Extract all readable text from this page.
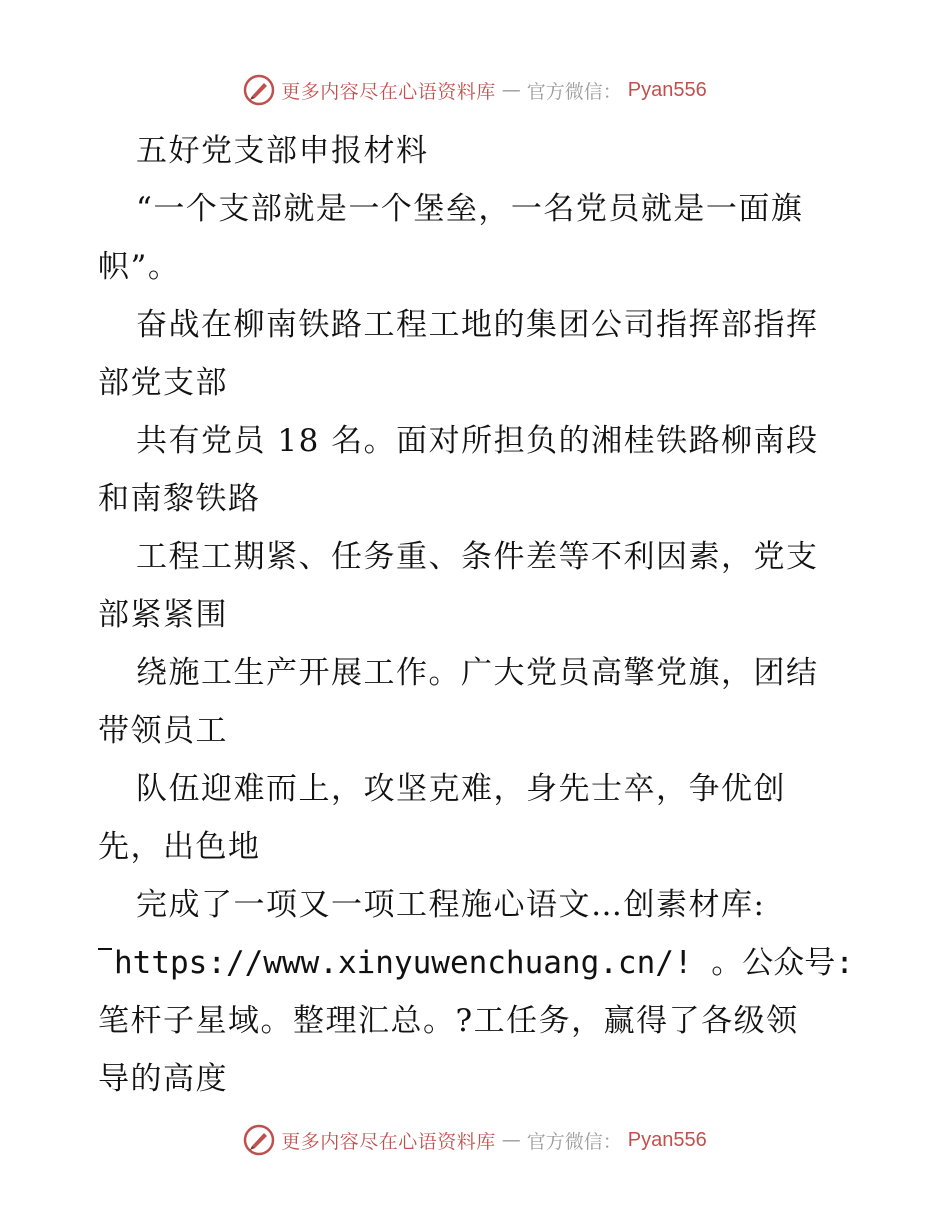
更多内容尽在心语资料库 — 官方微信： Pyan556
五好党支部申报材料
“一个支部就是一个堡垒，一名党员就是一面旗
帜”。
奋战在柳南铁路工程工地的集团公司指挥部指挥
部党支部
共有党员 18 名。面对所担负的湘桂铁路柳南段
和南黎铁路
工程工期紧、任务重、条件差等不利因素，党支
部紧紧围
绕施工生产开展工作。广大党员高擎党旗，团结
带领员工
队伍迎难而上，攻坚克难，身先士卒，争优创
先，出色地
完成了一项又一项工程施心语文…创素材库:
https://www.xinyuwenchuang.cn/! 。公众号:
笔杆子星域。整理汇总。?工任务，赢得了各级领
导的高度
更多内容尽在心语资料库 — 官方微信： Pyan556
